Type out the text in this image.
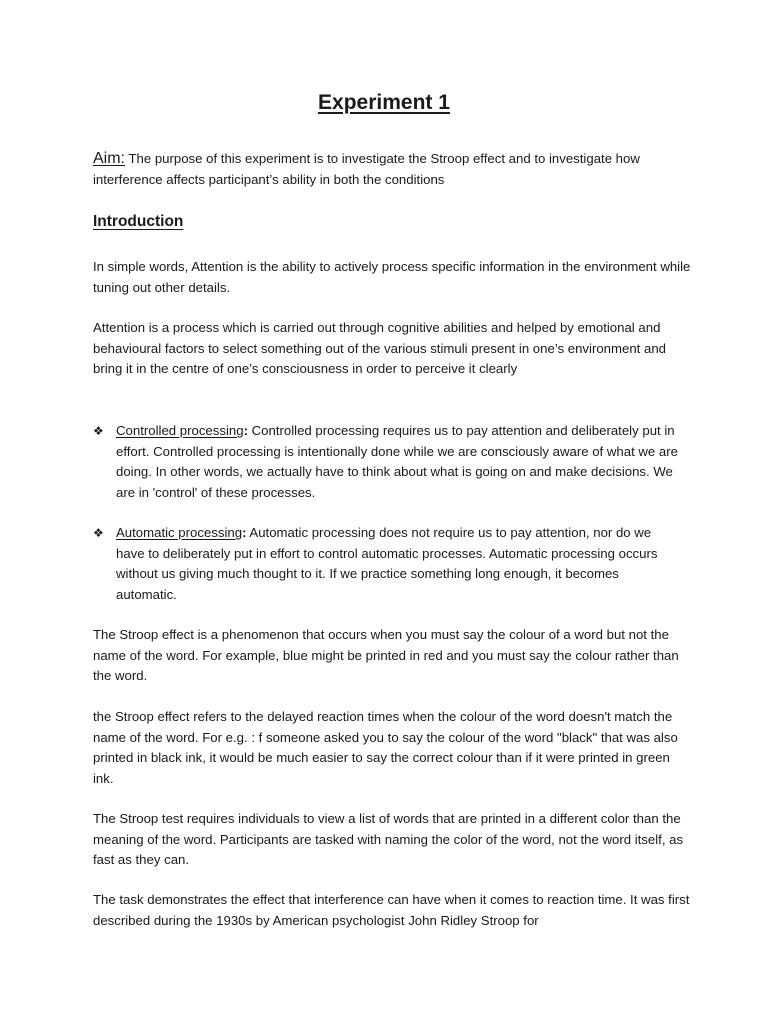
Experiment 1
Aim: The purpose of this experiment is to investigate the Stroop effect and to investigate how interference affects participant’s ability in both the conditions
Introduction

In simple words, Attention is the ability to actively process specific information in the environment while tuning out other details.

Attention is a process which is carried out through cognitive abilities and helped by emotional and behavioural factors to select something out of the various stimuli present in one’s environment and bring it in the centre of one’s consciousness in order to perceive it clearly

❖ Controlled processing: Controlled processing requires us to pay attention and deliberately put in effort. Controlled processing is intentionally done while we are consciously aware of what we are doing. In other words, we actually have to think about what is going on and make decisions. We are in 'control' of these processes.
❖ Automatic processing: Automatic processing does not require us to pay attention, nor do we have to deliberately put in effort to control automatic processes. Automatic processing occurs without us giving much thought to it. If we practice something long enough, it becomes automatic.

The Stroop effect is a phenomenon that occurs when you must say the colour of a word but not the name of the word. For example, blue might be printed in red and you must say the colour rather than the word.

the Stroop effect refers to the delayed reaction times when the colour of the word doesn't match the name of the word. For e.g. : f someone asked you to say the colour of the word "black" that was also printed in black ink, it would be much easier to say the correct colour than if it were printed in green ink.

The Stroop test requires individuals to view a list of words that are printed in a different color than the meaning of the word. Participants are tasked with naming the color of the word, not the word itself, as fast as they can.

The task demonstrates the effect that interference can have when it comes to reaction time. It was first described during the 1930s by American psychologist John Ridley Stroop for
